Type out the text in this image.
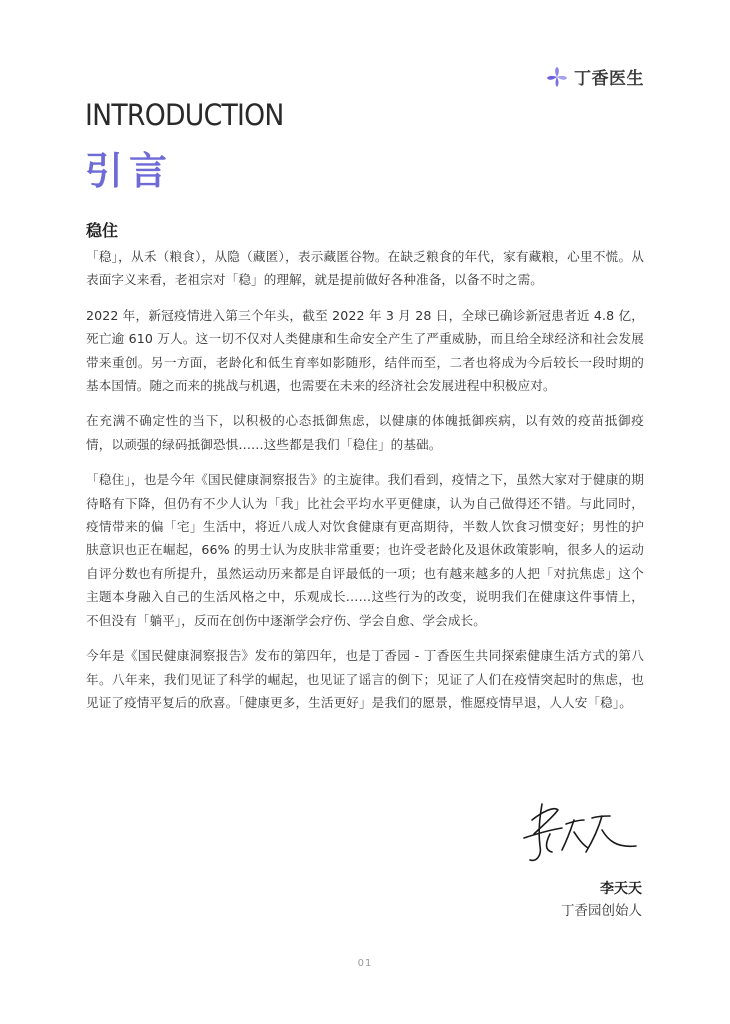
丁香医生
INTRODUCTION
引言
稳住

「稳」，从禾（粮食），从隐（藏匿），表示藏匿谷物。在缺乏粮食的年代，家有藏粮，心里不慌。从表面字义来看，老祖宗对「稳」的理解，就是提前做好各种准备，以备不时之需。

2022 年，新冠疫情进入第三个年头，截至 2022 年 3 月 28 日，全球已确诊新冠患者近 4.8 亿，死亡逾 610 万人。这一切不仅对人类健康和生命安全产生了严重威胁，而且给全球经济和社会发展带来重创。另一方面，老龄化和低生育率如影随形，结伴而至，二者也将成为今后较长一段时期的基本国情。随之而来的挑战与机遇，也需要在未来的经济社会发展进程中积极应对。

在充满不确定性的当下，以积极的心态抵御焦虑，以健康的体魄抵御疾病，以有效的疫苗抵御疫情，以顽强的绿码抵御恐惧……这些都是我们「稳住」的基础。

「稳住」，也是今年《国民健康洞察报告》的主旋律。我们看到，疫情之下，虽然大家对于健康的期待略有下降，但仍有不少人认为「我」比社会平均水平更健康，认为自己做得还不错。与此同时，疫情带来的偏「宅」生活中，将近八成人对饮食健康有更高期待，半数人饮食习惯变好；男性的护肤意识也正在崛起，66% 的男士认为皮肤非常重要；也许受老龄化及退休政策影响，很多人的运动自评分数也有所提升，虽然运动历来都是自评最低的一项；也有越来越多的人把「对抗焦虑」这个主题本身融入自己的生活风格之中，乐观成长……这些行为的改变，说明我们在健康这件事情上，不但没有「躺平」，反而在创伤中逐渐学会疗伤、学会自愈、学会成长。

今年是《国民健康洞察报告》发布的第四年，也是丁香园 - 丁香医生共同探索健康生活方式的第八年。八年来，我们见证了科学的崛起，也见证了谣言的倒下；见证了人们在疫情突起时的焦虑，也见证了疫情平复后的欣喜。「健康更多，生活更好」是我们的愿景，惟愿疫情早退，人人安「稳」。

李天天
丁香园创始人
01
